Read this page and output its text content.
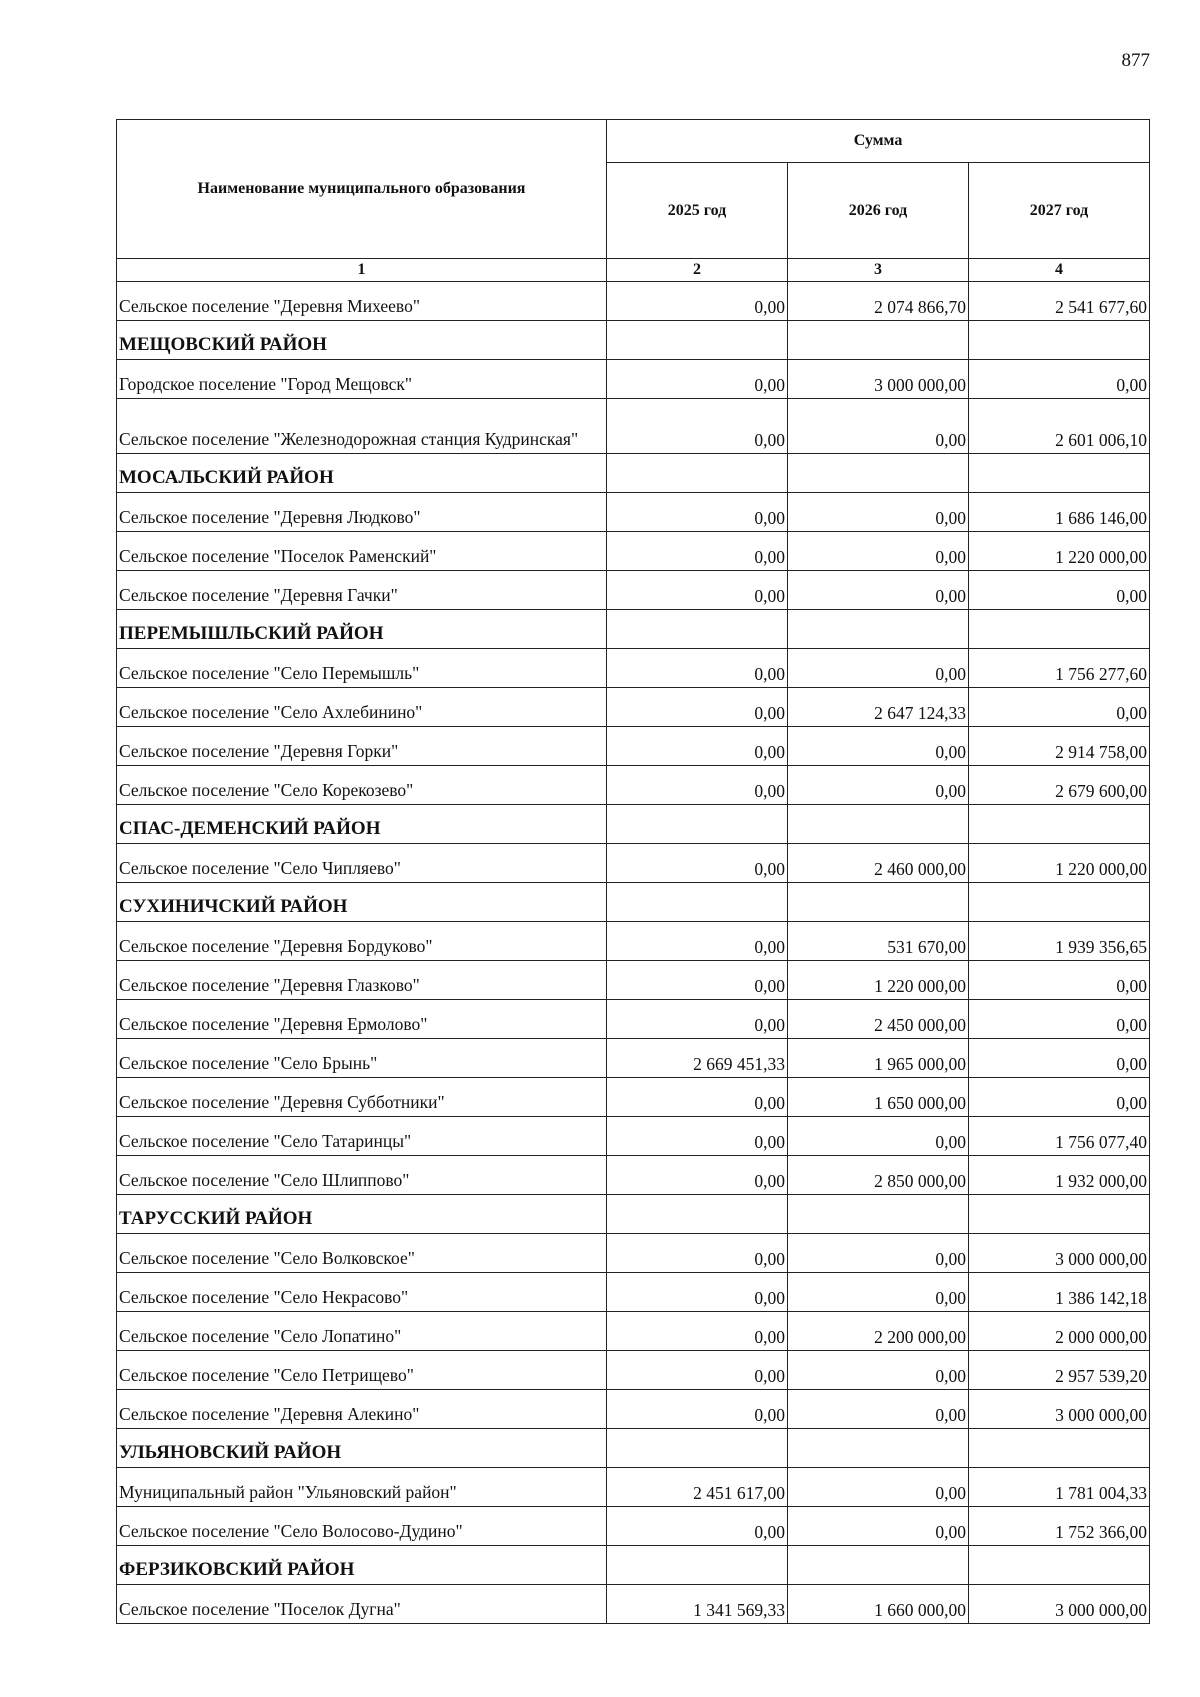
877
Наименование муниципального образования	Сумма		
	2025 год	2026 год	2027 год
1	2	3	4
Сельское поселение "Деревня Михеево"	0,00	2 074 866,70	2 541 677,60
МЕЩОВСКИЙ РАЙОН			
Городское поселение "Город Мещовск"	0,00	3 000 000,00	0,00
Сельское поселение "Железнодорожная станция Кудринская"	0,00	0,00	2 601 006,10
МОСАЛЬСКИЙ РАЙОН			
Сельское поселение "Деревня Людково"	0,00	0,00	1 686 146,00
Сельское поселение "Поселок Раменский"	0,00	0,00	1 220 000,00
Сельское поселение "Деревня Гачки"	0,00	0,00	0,00
ПЕРЕМЫШЛЬСКИЙ РАЙОН			
Сельское поселение "Село Перемышль"	0,00	0,00	1 756 277,60
Сельское поселение "Село Ахлебинино"	0,00	2 647 124,33	0,00
Сельское поселение "Деревня Горки"	0,00	0,00	2 914 758,00
Сельское поселение "Село Корекозево"	0,00	0,00	2 679 600,00
СПАС-ДЕМЕНСКИЙ РАЙОН			
Сельское поселение "Село Чипляево"	0,00	2 460 000,00	1 220 000,00
СУХИНИЧСКИЙ РАЙОН			
Сельское поселение "Деревня Бордуково"	0,00	531 670,00	1 939 356,65
Сельское поселение "Деревня Глазково"	0,00	1 220 000,00	0,00
Сельское поселение "Деревня Ермолово"	0,00	2 450 000,00	0,00
Сельское поселение "Село Брынь"	2 669 451,33	1 965 000,00	0,00
Сельское поселение "Деревня Субботники"	0,00	1 650 000,00	0,00
Сельское поселение "Село Татаринцы"	0,00	0,00	1 756 077,40
Сельское поселение "Село Шлиппово"	0,00	2 850 000,00	1 932 000,00
ТАРУССКИЙ РАЙОН			
Сельское поселение "Село Волковское"	0,00	0,00	3 000 000,00
Сельское поселение "Село Некрасово"	0,00	0,00	1 386 142,18
Сельское поселение "Село Лопатино"	0,00	2 200 000,00	2 000 000,00
Сельское поселение "Село Петрищево"	0,00	0,00	2 957 539,20
Сельское поселение "Деревня Алекино"	0,00	0,00	3 000 000,00
УЛЬЯНОВСКИЙ РАЙОН			
Муниципальный район "Ульяновский район"	2 451 617,00	0,00	1 781 004,33
Сельское поселение "Село Волосово-Дудино"	0,00	0,00	1 752 366,00
ФЕРЗИКОВСКИЙ РАЙОН			
Сельское поселение "Поселок Дугна"	1 341 569,33	1 660 000,00	3 000 000,00
